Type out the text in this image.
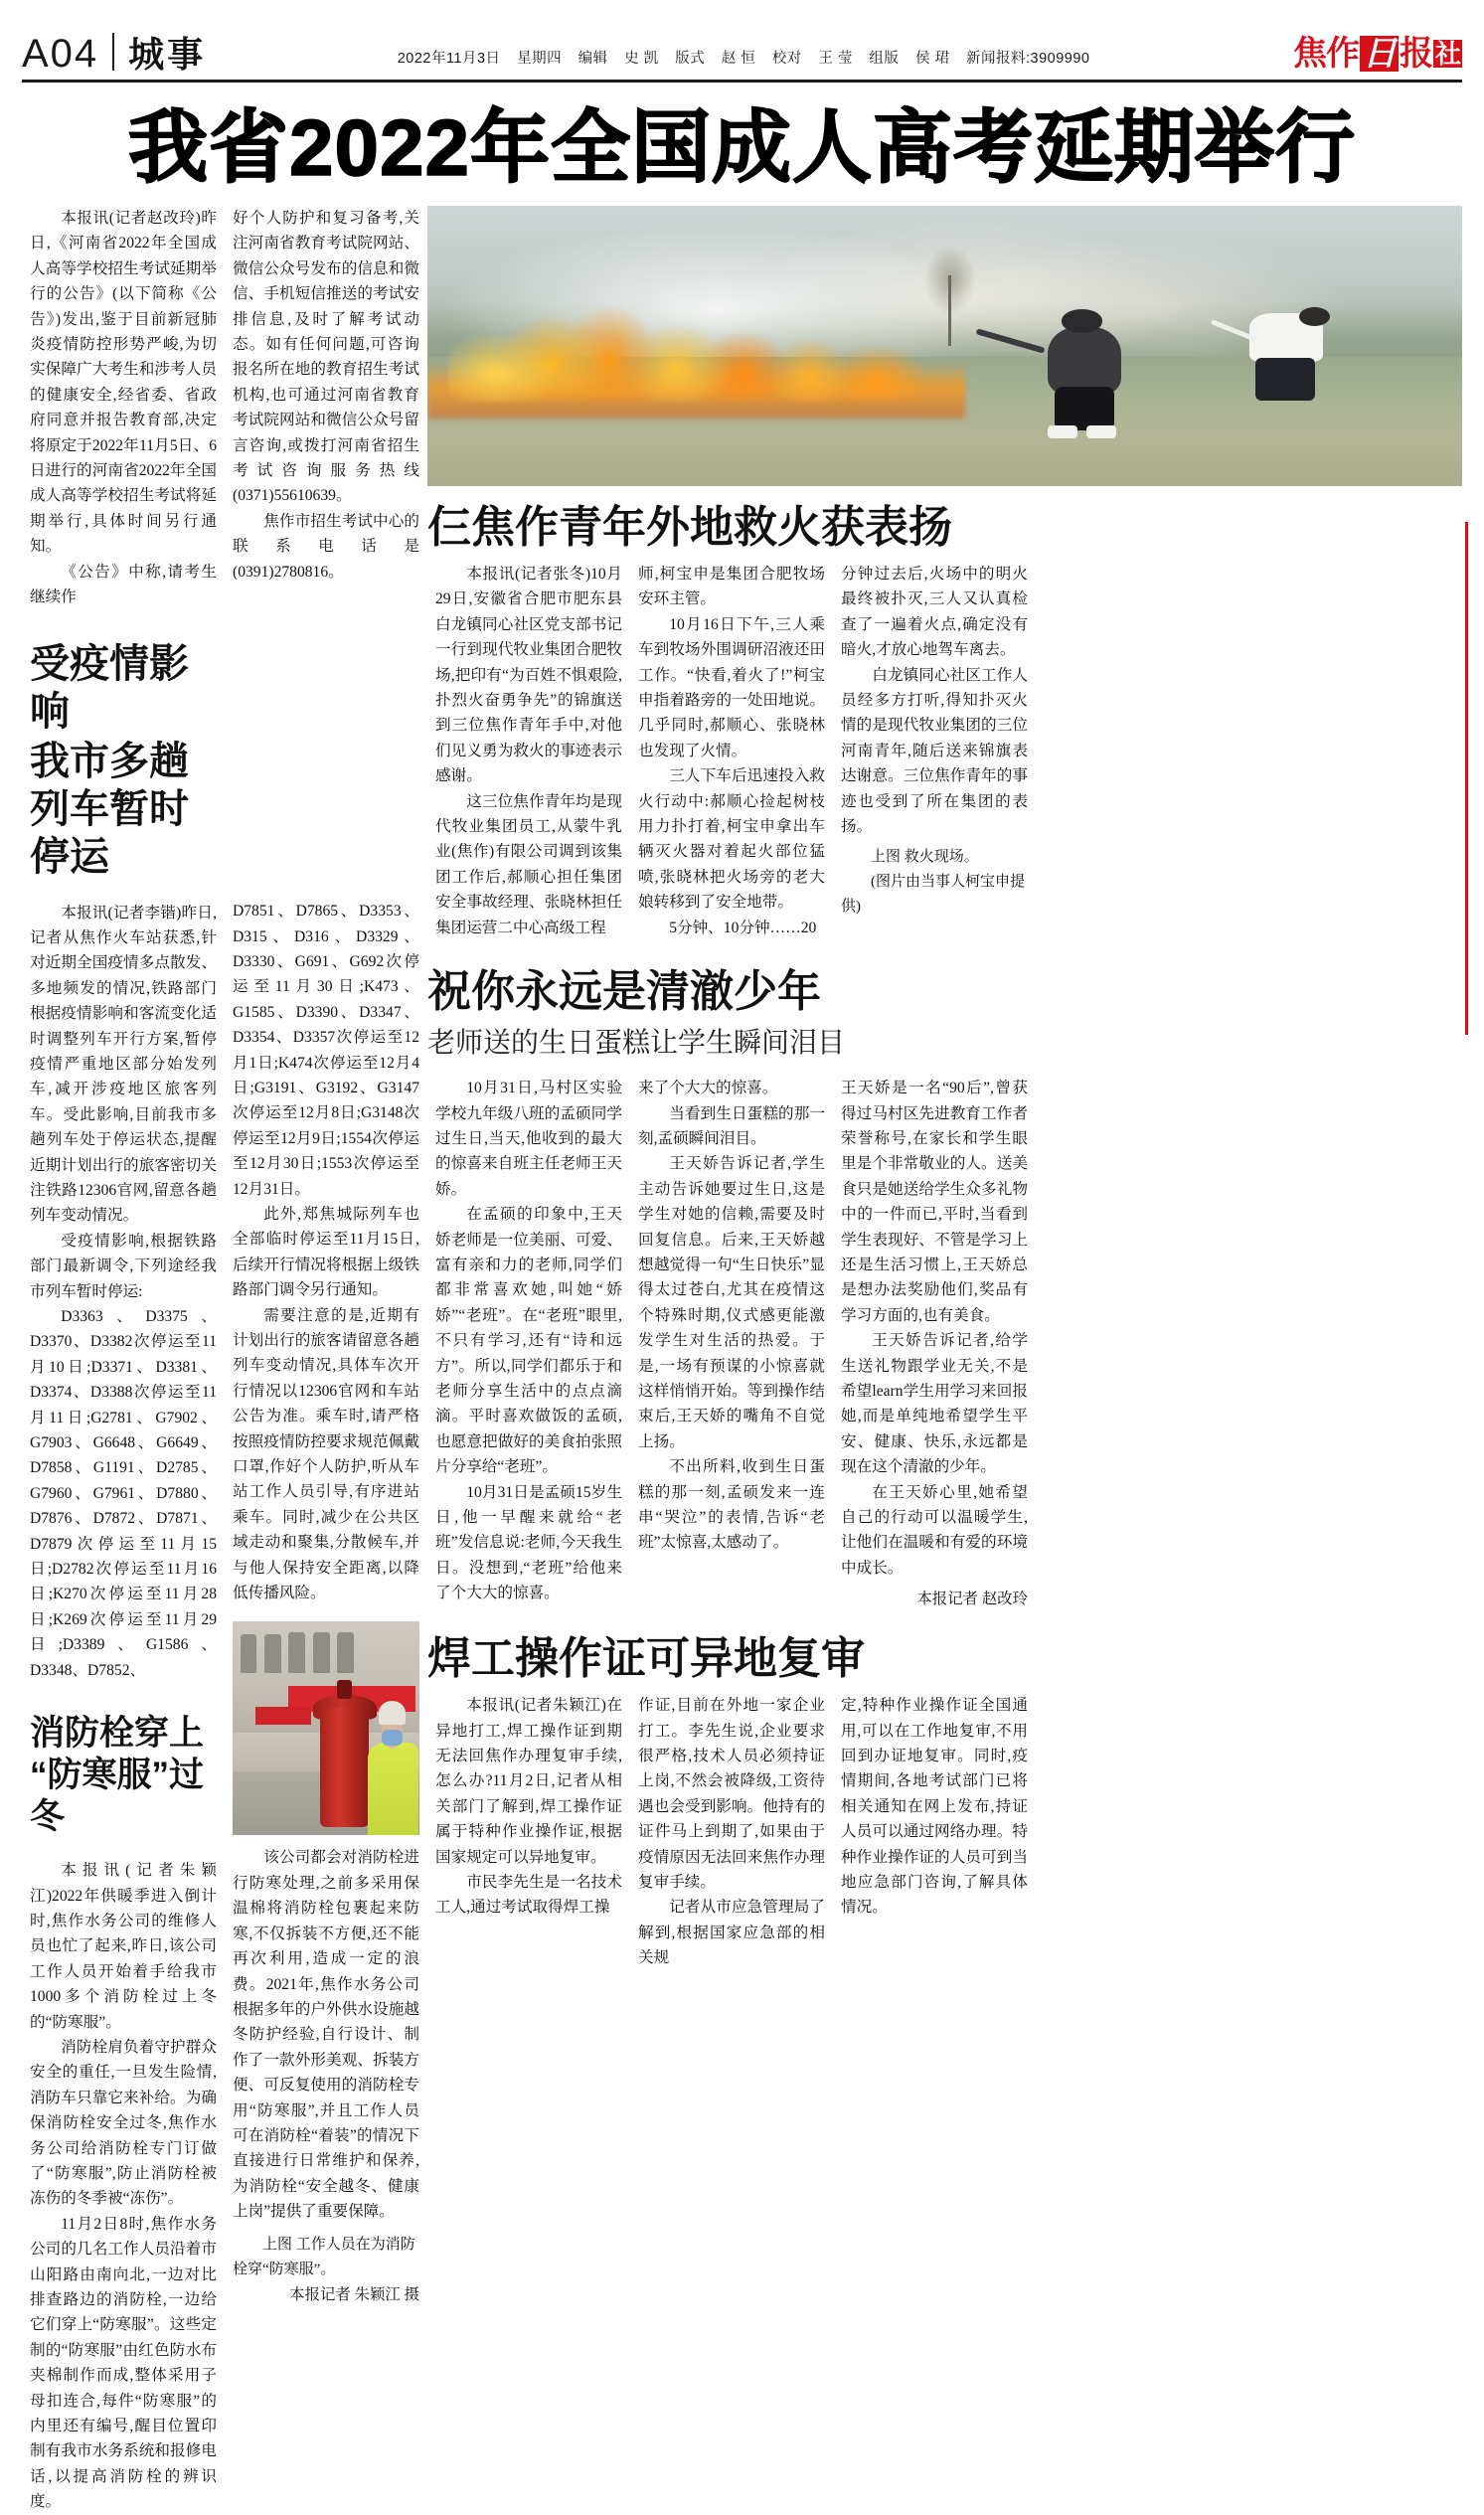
A04 城事	2022年11月3日 星期四 编辑 史 凯 版式 赵 恒 校对 王 莹 组版 侯 珺 新闻报料:3909990	焦作 日 报 社
我省2022年全国成人高考延期举行

本报讯(记者赵改玲)昨日,《河南省2022年全国成人高等学校招生考试延期举行的公告》(以下简称《公告》)发出,鉴于目前新冠肺炎疫情防控形势严峻,为切实保障广大考生和涉考人员的健康安全,经省委、省政府同意并报告教育部,决定将原定于2022年11月5日、6日进行的河南省2022年全国成人高等学校招生考试将延期举行,具体时间另行通知。

《公告》中称,请考生继续作

受疫情影响
我市多趟列车暂时停运

本报讯(记者李锴)昨日,记者从焦作火车站获悉,针对近期全国疫情多点散发、多地频发的情况,铁路部门根据疫情影响和客流变化适时调整列车开行方案,暂停疫情严重地区部分始发列车,减开涉疫地区旅客列车。受此影响,目前我市多趟列车处于停运状态,提醒近期计划出行的旅客密切关注铁路12306官网,留意各趟列车变动情况。

受疫情影响,根据铁路部门最新调令,下列途经我市列车暂时停运:

D3363、D3375、D3370、D3382次停运至11月10日;D3371、D3381、D3374、D3388次停运至11月11日;G2781、G7902、G7903、G6648、G6649、D7858、G1191、D2785、G7960、G7961、D7880、D7876、D7872、D7871、D7879次停运至11月15日;D2782次停运至11月16日;K270次停运至11月28日;K269次停运至11月29日;D3389、G1586、D3348、D7852、

消防栓穿上
“防寒服”过冬

本报讯(记者朱颖江)2022年供暖季进入倒计时,焦作水务公司的维修人员也忙了起来,昨日,该公司工作人员开始着手给我市1000多个消防栓过上冬的“防寒服”。

消防栓肩负着守护群众安全的重任,一旦发生险情,消防车只靠它来补给。为确保消防栓安全过冬,焦作水务公司给消防栓专门订做了“防寒服”,防止消防栓被冻伤的冬季被“冻伤”。

11月2日8时,焦作水务公司的几名工作人员沿着市山阳路由南向北,一边对比排查路边的消防栓,一边给它们穿上“防寒服”。这些定制的“防寒服”由红色防水布夹棉制作而成,整体采用子母扣连合,每件“防寒服”的内里还有编号,醒目位置印制有我市水务系统和报修电话,以提高消防栓的辨识度。

好个人防护和复习备考,关注河南省教育考试院网站、微信公众号发布的信息和微信、手机短信推送的考试安排信息,及时了解考试动态。如有任何问题,可咨询报名所在地的教育招生考试机构,也可通过河南省教育考试院网站和微信公众号留言咨询,或拨打河南省招生考试咨询服务热线(0371)55610639。

焦作市招生考试中心的联系电话是(0391)2780816。

D7851、D7865、D3353、D315、D316、D3329、D3330、G691、G692次停运至11月30日;K473、G1585、D3390、D3347、D3354、D3357次停运至12月1日;K474次停运至12月4日;G3191、G3192、G3147次停运至12月8日;G3148次停运至12月9日;1554次停运至12月30日;1553次停运至12月31日。

此外,郑焦城际列车也全部临时停运至11月15日,后续开行情况将根据上级铁路部门调令另行通知。

需要注意的是,近期有计划出行的旅客请留意各趟列车变动情况,具体车次开行情况以12306官网和车站公告为准。乘车时,请严格按照疫情防控要求规范佩戴口罩,作好个人防护,听从车站工作人员引导,有序进站乘车。同时,减少在公共区域走动和聚集,分散候车,并与他人保持安全距离,以降低传播风险。

该公司都会对消防栓进行防寒处理,之前多采用保温棉将消防栓包裹起来防寒,不仅拆装不方便,还不能再次利用,造成一定的浪费。2021年,焦作水务公司根据多年的户外供水设施越冬防护经验,自行设计、制作了一款外形美观、拆装方便、可反复使用的消防栓专用“防寒服”,并且工作人员可在消防栓“着装”的情况下直接进行日常维护和保养,为消防栓“安全越冬、健康上岗”提供了重要保障。

上图 工作人员在为消防栓穿“防寒服”。

本报记者 朱颖江 摄

仨焦作青年外地救火获表扬

本报讯(记者张冬)10月29日,安徽省合肥市肥东县白龙镇同心社区党支部书记一行到现代牧业集团合肥牧场,把印有“为百姓不惧艰险,扑烈火奋勇争先”的锦旗送到三位焦作青年手中,对他们见义勇为救火的事迹表示感谢。

这三位焦作青年均是现代牧业集团员工,从蒙牛乳业(焦作)有限公司调到该集团工作后,郝顺心担任集团安全事故经理、张晓林担任集团运营二中心高级工程

师,柯宝申是集团合肥牧场安环主管。

10月16日下午,三人乘车到牧场外围调研沼液还田工作。“快看,着火了!”柯宝申指着路旁的一处田地说。几乎同时,郝顺心、张晓林也发现了火情。

三人下车后迅速投入救火行动中:郝顺心捡起树枝用力扑打着,柯宝申拿出车辆灭火器对着起火部位猛喷,张晓林把火场旁的老大娘转移到了安全地带。

　　5分钟、10分钟……20

分钟过去后,火场中的明火最终被扑灭,三人又认真检查了一遍着火点,确定没有暗火,才放心地驾车离去。

白龙镇同心社区工作人员经多方打听,得知扑灭火情的是现代牧业集团的三位河南青年,随后送来锦旗表达谢意。三位焦作青年的事迹也受到了所在集团的表扬。

上图 救火现场。

(图片由当事人柯宝申提供)

祝你永远是清澈少年
老师送的生日蛋糕让学生瞬间泪目

10月31日,马村区实验学校九年级八班的孟硕同学过生日,当天,他收到的最大的惊喜来自班主任老师王天娇。

在孟硕的印象中,王天娇老师是一位美丽、可爱、富有亲和力的老师,同学们都非常喜欢她,叫她“娇娇”“老班”。在“老班”眼里,不只有学习,还有“诗和远方”。所以,同学们都乐于和老师分享生活中的点点滴滴。平时喜欢做饭的孟硕,也愿意把做好的美食拍张照片分享给“老班”。

10月31日是孟硕15岁生日,他一早醒来就给“老班”发信息说:老师,今天我生日。没想到,“老班”给他来了个大大的惊喜。

来了个大大的惊喜。

当看到生日蛋糕的那一刻,孟硕瞬间泪目。

王天娇告诉记者,学生主动告诉她要过生日,这是学生对她的信赖,需要及时回复信息。后来,王天娇越想越觉得一句“生日快乐”显得太过苍白,尤其在疫情这个特殊时期,仪式感更能激发学生对生活的热爱。于是,一场有预谋的小惊喜就这样悄悄开始。等到操作结束后,王天娇的嘴角不自觉上扬。

不出所料,收到生日蛋糕的那一刻,孟硕发来一连串“哭泣”的表情,告诉“老班”太惊喜,太感动了。

王天娇是一名“90后”,曾获得过马村区先进教育工作者荣誉称号,在家长和学生眼里是个非常敬业的人。送美食只是她送给学生众多礼物中的一件而已,平时,当看到学生表现好、不管是学习上还是生活习惯上,王天娇总是想办法奖励他们,奖品有学习方面的,也有美食。

王天娇告诉记者,给学生送礼物跟学业无关,不是希望learn学生用学习来回报她,而是单纯地希望学生平安、健康、快乐,永远都是现在这个清澈的少年。

在王天娇心里,她希望自己的行动可以温暖学生,让他们在温暖和有爱的环境中成长。

本报记者 赵改玲

焊工操作证可异地复审

本报讯(记者朱颖江)在异地打工,焊工操作证到期无法回焦作办理复审手续,怎么办?11月2日,记者从相关部门了解到,焊工操作证属于特种作业操作证,根据国家规定可以异地复审。

市民李先生是一名技术工人,通过考试取得焊工操

作证,目前在外地一家企业打工。李先生说,企业要求很严格,技术人员必须持证上岗,不然会被降级,工资待遇也会受到影响。他持有的证件马上到期了,如果由于疫情原因无法回来焦作办理复审手续。

记者从市应急管理局了解到,根据国家应急部的相关规

定,特种作业操作证全国通用,可以在工作地复审,不用回到办证地复审。同时,疫情期间,各地考试部门已将相关通知在网上发布,持证人员可以通过网络办理。特种作业操作证的人员可到当地应急部门咨询,了解具体情况。
